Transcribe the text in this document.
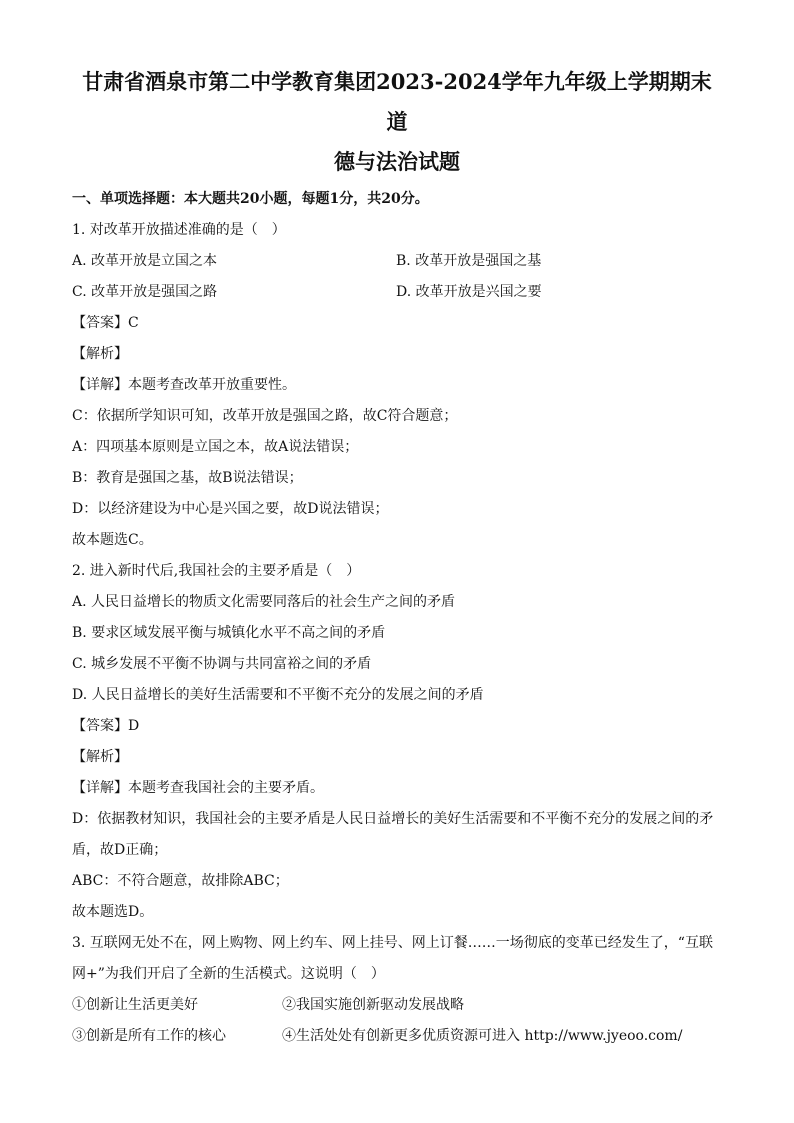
甘肃省酒泉市第二中学教育集团2023-2024学年九年级上学期期末道
德与法治试题
一、单项选择题：本大题共20小题，每题1分，共20分。
1. 对改革开放描述准确的是（　）
A. 改革开放是立国之本	B. 改革开放是强国之基
C. 改革开放是强国之路	D. 改革开放是兴国之要
【答案】C
【解析】
【详解】本题考查改革开放重要性。
C：依据所学知识可知，改革开放是强国之路，故C符合题意；
A：四项基本原则是立国之本，故A说法错误；
B：教育是强国之基，故B说法错误；
D：以经济建设为中心是兴国之要，故D说法错误；
故本题选C。
2. 进入新时代后,我国社会的主要矛盾是（　）
A. 人民日益增长的物质文化需要同落后的社会生产之间的矛盾
B. 要求区域发展平衡与城镇化水平不高之间的矛盾
C. 城乡发展不平衡不协调与共同富裕之间的矛盾
D. 人民日益增长的美好生活需要和不平衡不充分的发展之间的矛盾
【答案】D
【解析】
【详解】本题考查我国社会的主要矛盾。
D：依据教材知识，我国社会的主要矛盾是人民日益增长的美好生活需要和不平衡不充分的发展之间的矛盾，故D正确；
ABC：不符合题意，故排除ABC；
故本题选D。
3. 互联网无处不在，网上购物、网上约车、网上挂号、网上订餐……一场彻底的变革已经发生了，“互联网+”为我们开启了全新的生活模式。这说明（　）
①创新让生活更美好	②我国实施创新驱动发展战略
③创新是所有工作的核心	④生活处处有创新更多优质资源可进入 http://www.jyeoo.com/
